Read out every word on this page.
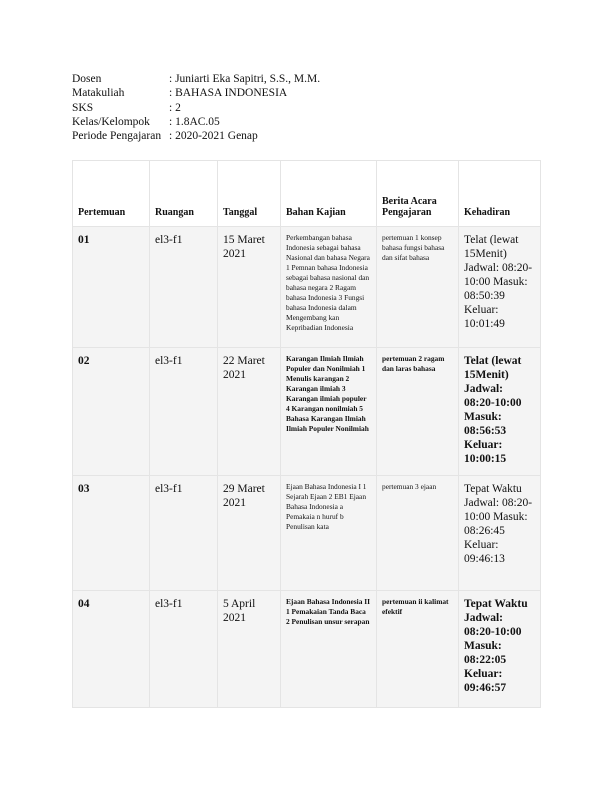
Dosen	: Juniarti Eka Sapitri, S.S., M.M.
Matakuliah	: BAHASA INDONESIA
SKS	: 2
Kelas/Kelompok	: 1.8AC.05
Periode Pengajaran : 2020-2021 Genap
Pertemuan	Ruangan	Tanggal	Bahan Kajian	Berita Acara Pengajaran	Kehadiran
01	el3-f1	15 Maret 2021	Perkembangan bahasa Indonesia sebagai bahasa Nasional dan bahasa Negara 1 Pemnan bahasa Indonesia sebagai bahasa nasional dan bahasa negara 2 Ragam bahasa Indonesia 3 Fungsi bahasa Indonesia dalam Mengembang kan Kepribadian Indonesia	pertemuan 1 konsep bahasa fungsi bahasa dan sifat bahasa	Telat (lewat 15Menit) Jadwal: 08:20-10:00 Masuk: 08:50:39 Keluar: 10:01:49
02	el3-f1	22 Maret 2021	Karangan Ilmiah Ilmiah Populer dan Nonilmiah 1 Menulis karangan 2 Karangan ilmiah 3 Karangan ilmiah populer 4 Karangan nonilmiah 5 Bahasa Karangan Ilmiah Ilmiah Populer Nonilmiah	pertemuan 2 ragam dan laras bahasa	Telat (lewat 15Menit) Jadwal: 08:20-10:00 Masuk: 08:56:53 Keluar: 10:00:15
03	el3-f1	29 Maret 2021	Ejaan Bahasa Indonesia I 1 Sejarah Ejaan 2 EB1 Ejaan Bahasa Indonesia a Pemakaia n huruf b Penulisan kata	pertemuan 3 ejaan	Tepat Waktu Jadwal: 08:20-10:00 Masuk: 08:26:45 Keluar: 09:46:13
04	el3-f1	5 April 2021	Ejaan Bahasa Indonesia II 1 Pemakaian Tanda Baca 2 Penulisan unsur serapan	pertemuan ii kalimat efektif	Tepat Waktu Jadwal: 08:20-10:00 Masuk: 08:22:05 Keluar: 09:46:57
